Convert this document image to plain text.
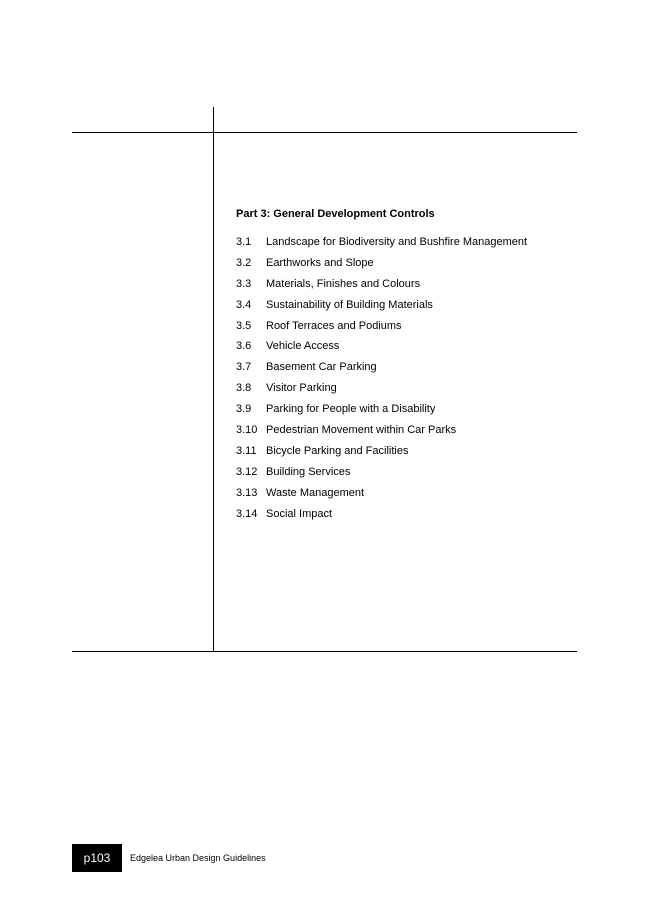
Part 3: General Development Controls
3.1	Landscape for Biodiversity and Bushfire Management
3.2	Earthworks and Slope
3.3	Materials, Finishes and Colours
3.4	Sustainability of Building Materials
3.5	Roof Terraces and Podiums
3.6	Vehicle Access
3.7	Basement Car Parking
3.8	Visitor Parking
3.9	Parking for People with a Disability
3.10 Pedestrian Movement within Car Parks
3.11 Bicycle Parking and Facilities
3.12 Building Services
3.13 Waste Management
3.14 Social Impact
p103	Edgelea Urban Design Guidelines
